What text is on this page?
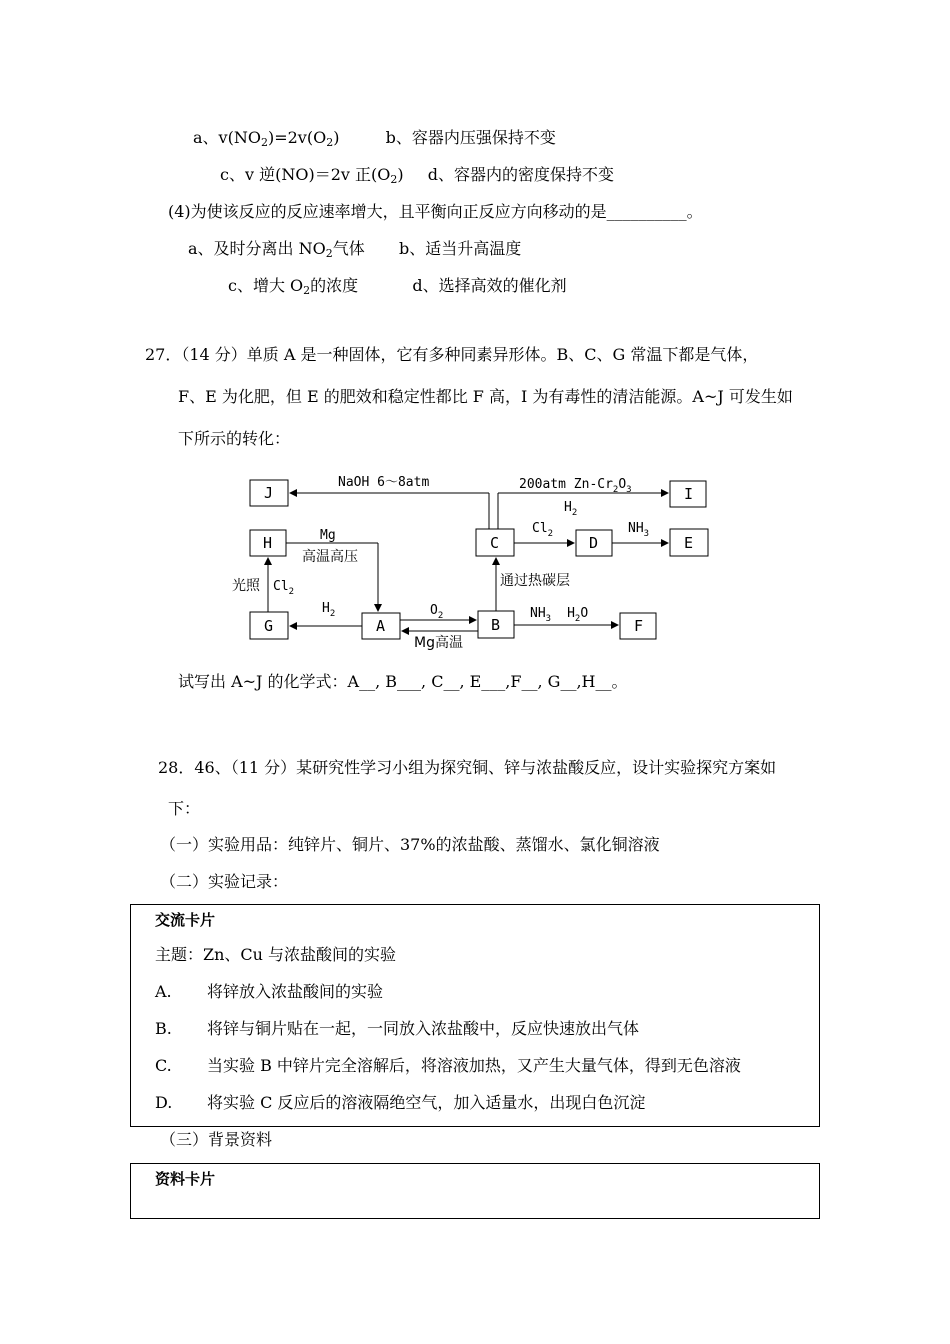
a、$v(NO_2)=2v(O_2)$	b、容器内压强保持不变
c、v 逆(NO)＝2v 正$(O_2)$ d、容器内的密度保持不变
(4)为使该反应的反应速率增大，且平衡向正反应方向移动的是__________。
a、及时分离出 $NO_2$气体 b、适当升高温度
c、增大 $O_2$的浓度	d、选择高效的催化剂
27．（14 分）单质 A 是一种固体，它有多种同素异形体。B、C、G 常温下都是气体，
F、E 为化肥，但 E 的肥效和稳定性都比 F 高，I 为有毒性的清洁能源。A~J 可发生如
下所示的转化：
J	I
H	C	D	E
G	A	B	F
NaOH 6～8atm	200atm $Zn-Cr_2O_3$
$H_2$
Mg
高温高压
$Cl_2$	$NH_3$
光照 $Cl_2$
通过热碳层
$H_2$	$O_2$
Mg高温
$NH_3$ $H_2O$
试写出 A~J 的化学式：A__, B___, C__, E___,F__, G__,H__。
28．46、（11 分）某研究性学习小组为探究铜、锌与浓盐酸反应，设计实验探究方案如
下：
（一）实验用品：纯锌片、铜片、37%的浓盐酸、蒸馏水、氯化铜溶液
（二）实验记录：
交流卡片
主题：Zn、Cu 与浓盐酸间的实验
A. 将锌放入浓盐酸间的实验
B. 将锌与铜片贴在一起，一同放入浓盐酸中，反应快速放出气体
C. 当实验 B 中锌片完全溶解后，将溶液加热，又产生大量气体，得到无色溶液
D. 将实验 C 反应后的溶液隔绝空气，加入适量水，出现白色沉淀
（三）背景资料
资料卡片
